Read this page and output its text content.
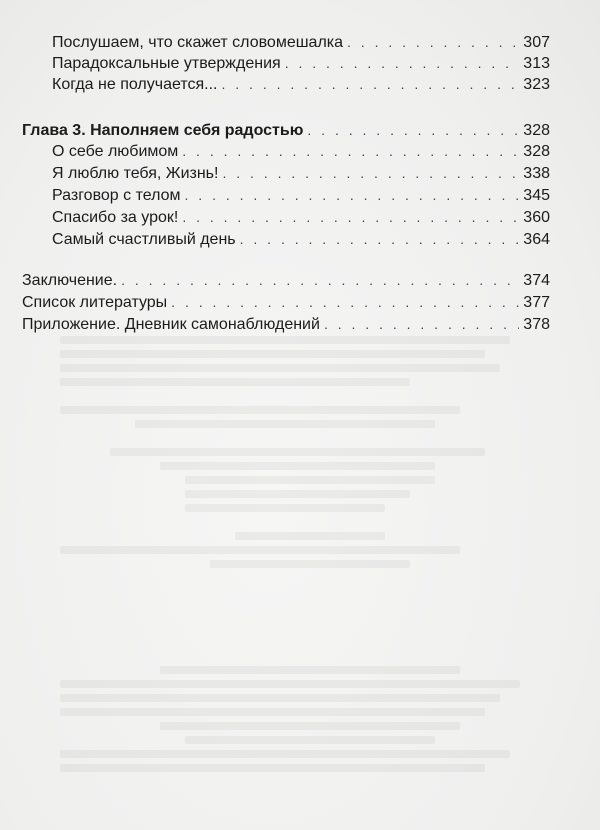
Послушаем, что скажет словомешалка . . .	307
Парадоксальные утверждения . . .	313
Когда не получается... . . .	323
Глава 3. Наполняем себя радостью . . .	328
О себе любимом . . .	328
Я люблю тебя, Жизнь! . . .	338
Разговор с телом . . .	345
Спасибо за урок! . . .	360
Самый счастливый день . . .	364
Заключение. . . .	374
Список литературы . . .	377
Приложение. Дневник самонаблюдений . . .	378
